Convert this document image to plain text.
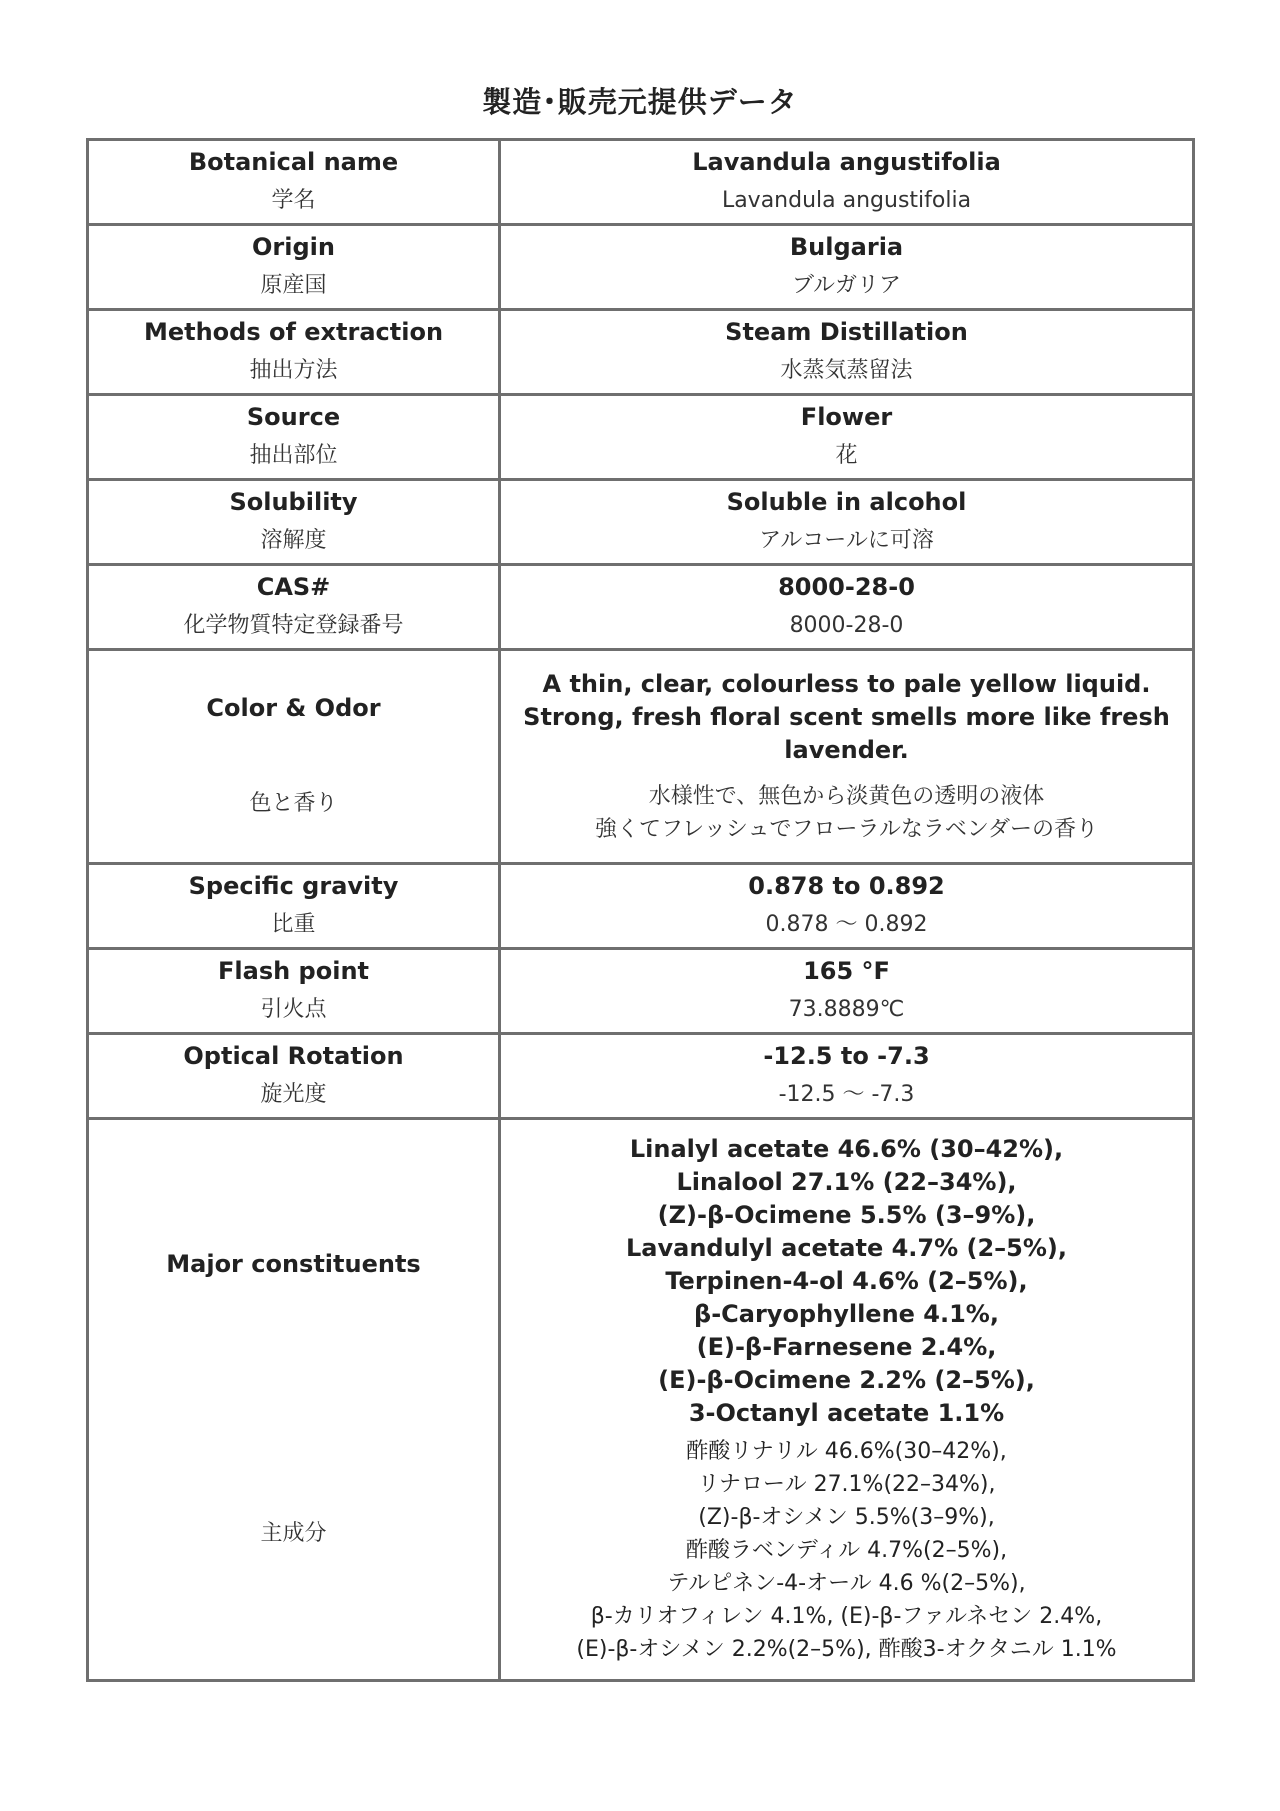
製造･販売元提供データ
Botanical name
学名
Lavandula angustifolia
Lavandula angustifolia
Origin
原産国
Bulgaria
ブルガリア
Methods of extraction
抽出方法
Steam Distillation
水蒸気蒸留法
Source
抽出部位
Flower
花
Solubility
溶解度
Soluble in alcohol
アルコールに可溶
CAS#
化学物質特定登録番号
8000-28-0
8000-28-0
Color & Odor
色と香り
A thin, clear, colourless to pale yellow liquid.
Strong, fresh floral scent smells more like fresh
lavender.
水様性で、無色から淡黄色の透明の液体
強くてフレッシュでフローラルなラベンダーの香り
Specific gravity
比重
0.878 to 0.892
0.878 ～ 0.892
Flash point
引火点
165 °F
73.8889℃
Optical Rotation
旋光度
-12.5 to -7.3
-12.5 ～ -7.3
Major constituents
主成分
Linalyl acetate 46.6% (30–42%),
Linalool 27.1% (22–34%),
(Z)-β-Ocimene 5.5% (3–9%),
Lavandulyl acetate 4.7% (2–5%),
Terpinen-4-ol 4.6% (2–5%),
β-Caryophyllene 4.1%,
(E)-β-Farnesene 2.4%,
(E)-β-Ocimene 2.2% (2–5%),
3-Octanyl acetate 1.1%
酢酸リナリル 46.6%(30–42%),
リナロール 27.1%(22–34%),
(Z)-β-オシメン 5.5%(3–9%),
酢酸ラベンディル 4.7%(2–5%),
テルピネン-4-オール 4.6 %(2–5%),
β-カリオフィレン 4.1%, (E)-β-ファルネセン 2.4%,
(E)-β-オシメン 2.2%(2–5%), 酢酸3-オクタニル 1.1%
